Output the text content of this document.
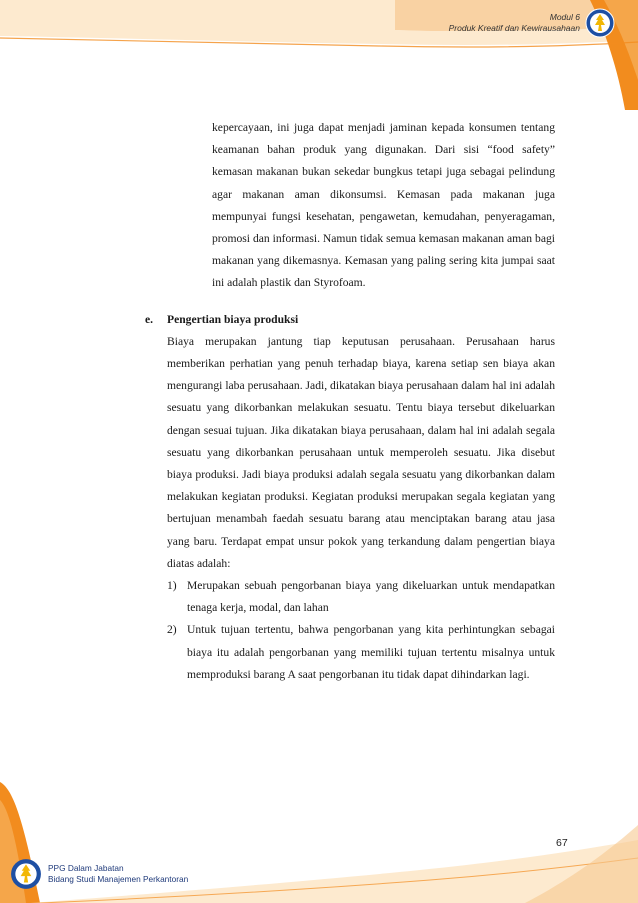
Modul 6
Produk Kreatif dan Kewirausahaan
kepercayaan, ini juga dapat menjadi jaminan kepada konsumen tentang keamanan bahan produk yang digunakan. Dari sisi “food safety” kemasan makanan bukan sekedar bungkus tetapi juga sebagai pelindung agar makanan aman dikonsumsi. Kemasan pada makanan juga mempunyai fungsi kesehatan, pengawetan, kemudahan, penyeragaman, promosi dan informasi. Namun tidak semua kemasan makanan aman bagi makanan yang dikemasnya. Kemasan yang paling sering kita jumpai saat ini adalah plastik dan Styrofoam.
e.	Pengertian biaya produksi
Biaya merupakan jantung tiap keputusan perusahaan. Perusahaan harus memberikan perhatian yang penuh terhadap biaya, karena setiap sen biaya akan mengurangi laba perusahaan. Jadi, dikatakan biaya perusahaan dalam hal ini adalah sesuatu yang dikorbankan melakukan sesuatu. Tentu biaya tersebut dikeluarkan dengan sesuai tujuan. Jika dikatakan biaya perusahaan, dalam hal ini adalah segala sesuatu yang dikorbankan perusahaan untuk memperoleh sesuatu. Jika disebut biaya produksi. Jadi biaya produksi adalah segala sesuatu yang dikorbankan dalam melakukan kegiatan produksi. Kegiatan produksi merupakan segala kegiatan yang bertujuan menambah faedah sesuatu barang atau menciptakan barang atau jasa yang baru. Terdapat empat unsur pokok yang terkandung dalam pengertian biaya diatas adalah:
1) Merupakan sebuah pengorbanan biaya yang dikeluarkan untuk mendapatkan tenaga kerja, modal, dan lahan
2) Untuk tujuan tertentu, bahwa pengorbanan yang kita perhintungkan sebagai biaya itu adalah pengorbanan yang memiliki tujuan tertentu misalnya untuk memproduksi barang A saat pengorbanan itu tidak dapat dihindarkan lagi.
67
PPG Dalam Jabatan
Bidang Studi Manajemen Perkantoran
